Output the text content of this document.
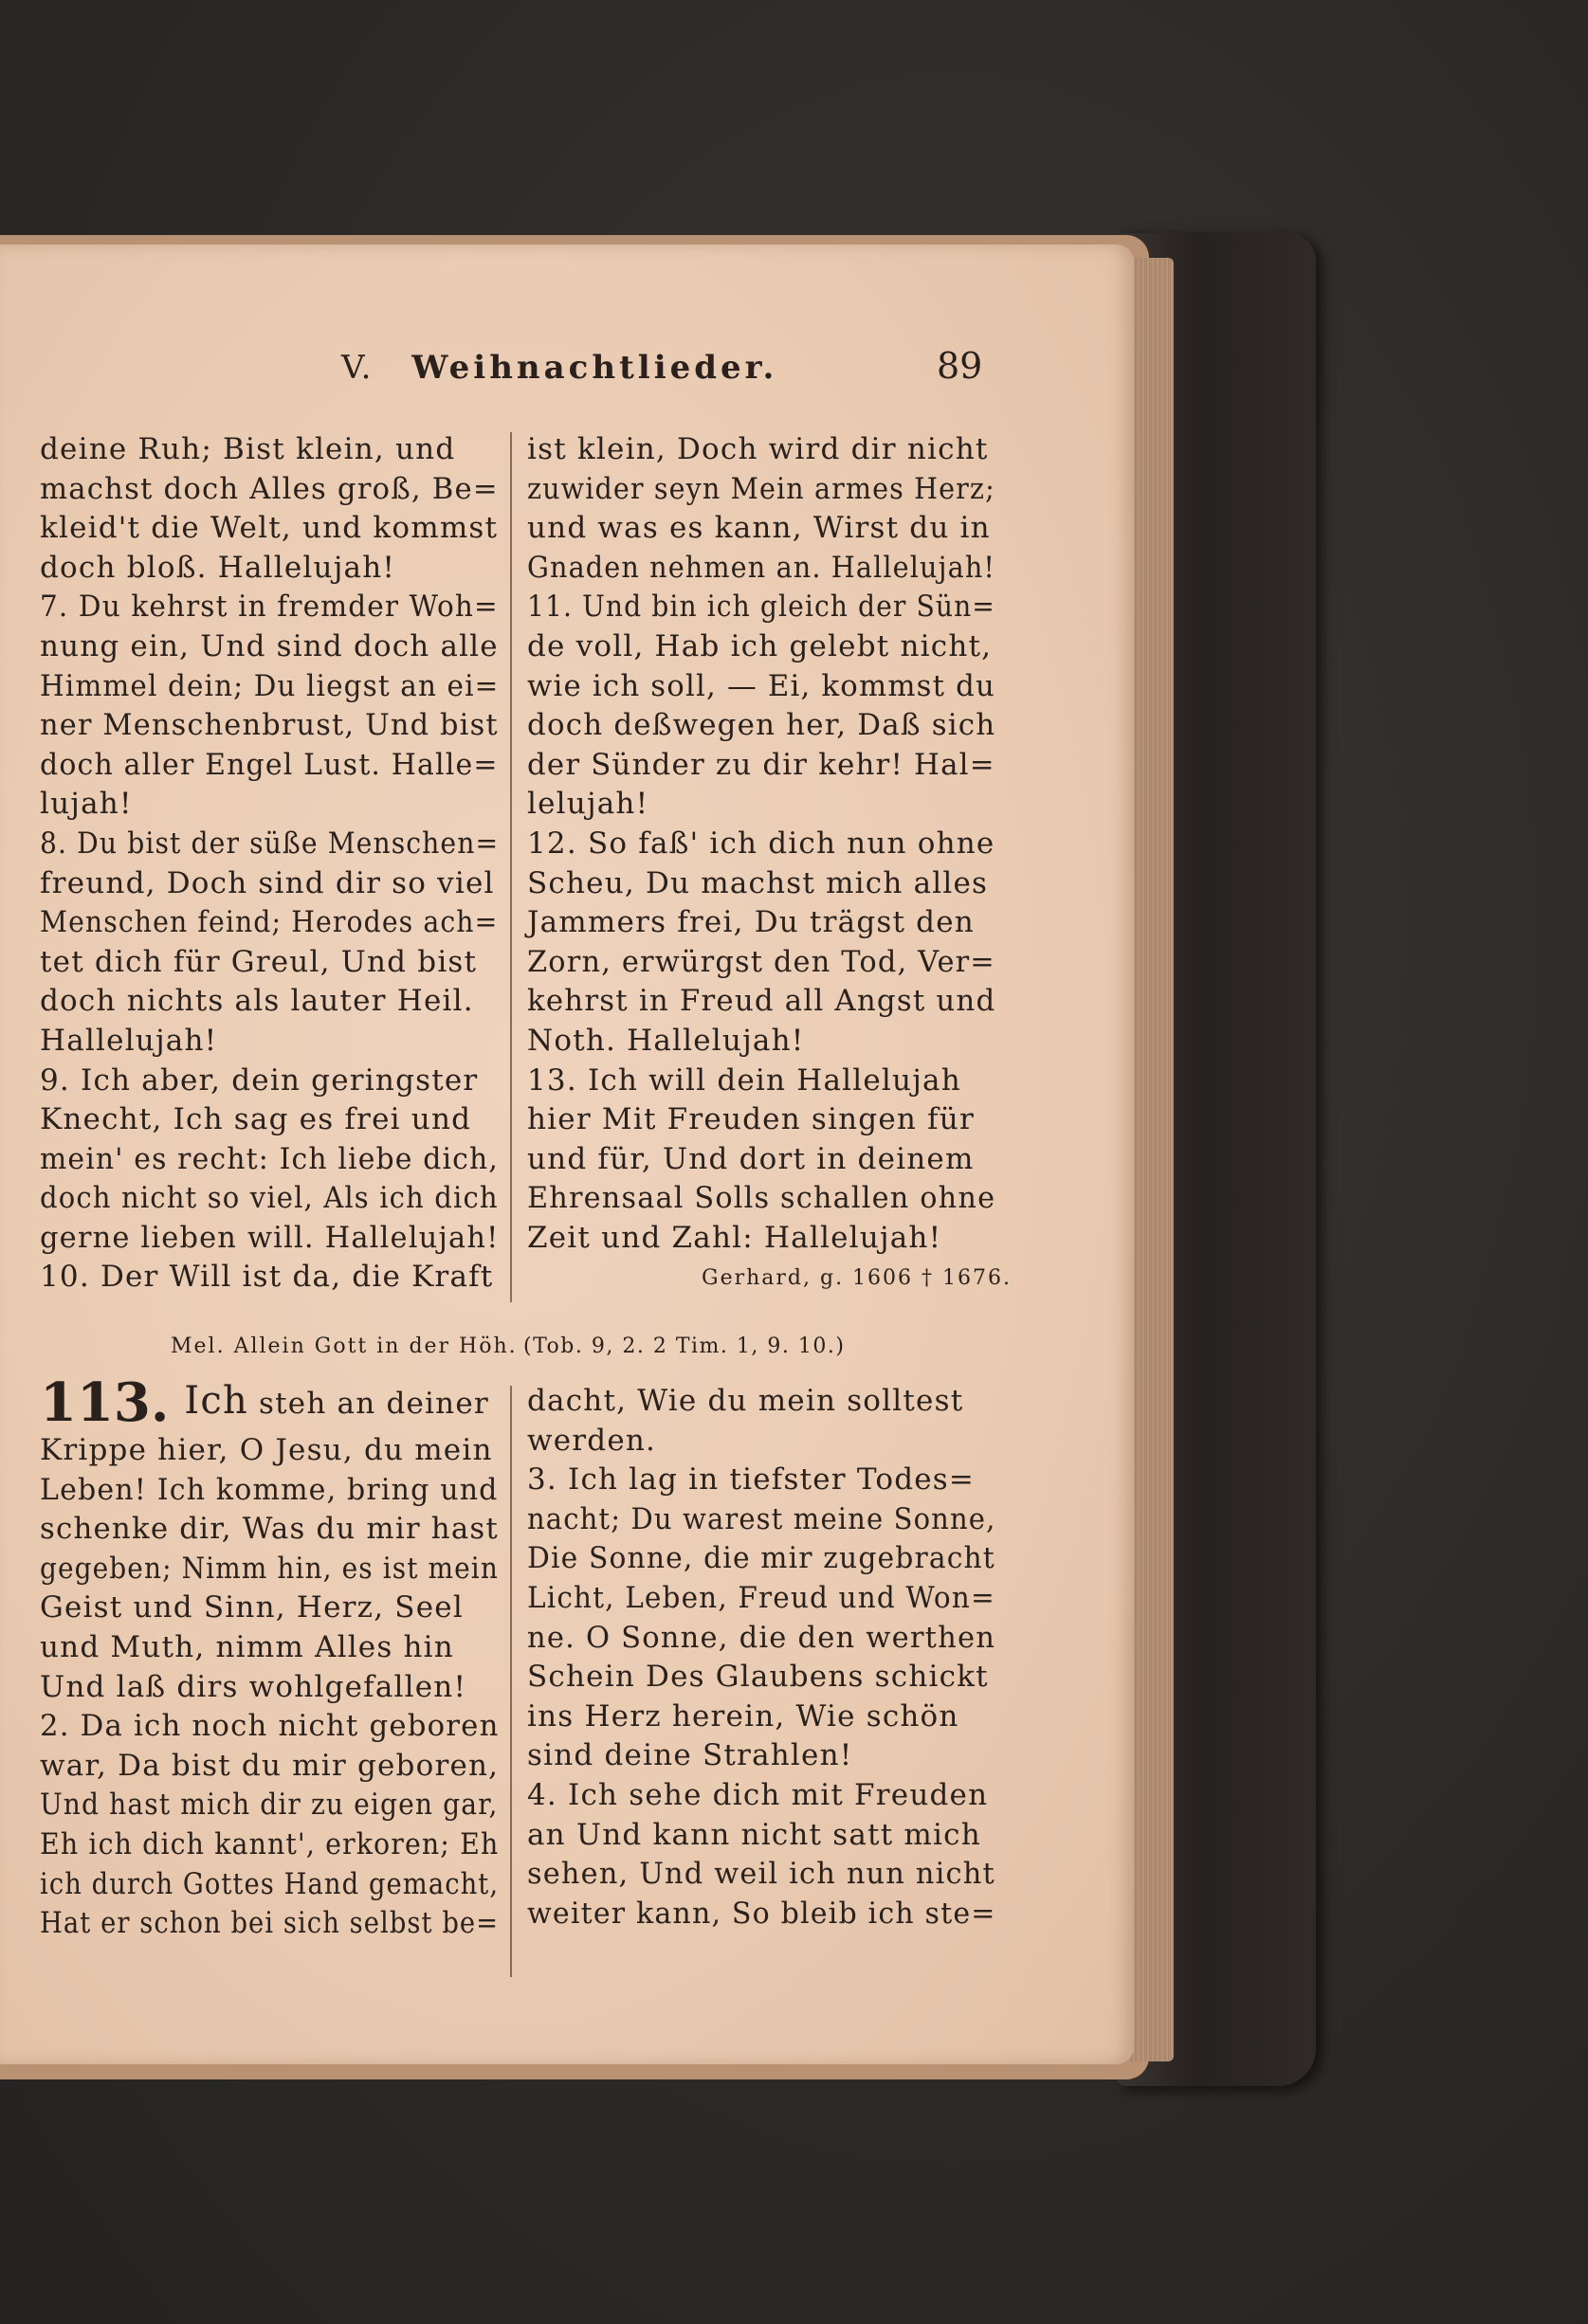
V. Weihnachtlieder.	89
deine Ruh; Bist klein, und
machst doch Alles groß, Be=
kleid't die Welt, und kommst
doch bloß. Hallelujah!
7. Du kehrst in fremder Woh=
nung ein, Und sind doch alle
Himmel dein; Du liegst an ei=
ner Menschenbrust, Und bist
doch aller Engel Lust. Halle=
lujah!
8. Du bist der süße Menschen=
freund, Doch sind dir so viel
Menschen feind; Herodes ach=
tet dich für Greul, Und bist
doch nichts als lauter Heil.
Hallelujah!
9. Ich aber, dein geringster
Knecht, Ich sag es frei und
mein' es recht: Ich liebe dich,
doch nicht so viel, Als ich dich
gerne lieben will. Hallelujah!
10. Der Will ist da, die Kraft
ist klein, Doch wird dir nicht
zuwider seyn Mein armes Herz;
und was es kann, Wirst du in
Gnaden nehmen an. Hallelujah!
11. Und bin ich gleich der Sün=
de voll, Hab ich gelebt nicht,
wie ich soll, — Ei, kommst du
doch deßwegen her, Daß sich
der Sünder zu dir kehr! Hal=
lelujah!
12. So faß' ich dich nun ohne
Scheu, Du machst mich alles
Jammers frei, Du trägst den
Zorn, erwürgst den Tod, Ver=
kehrst in Freud all Angst und
Noth. Hallelujah!
13. Ich will dein Hallelujah
hier Mit Freuden singen für
und für, Und dort in deinem
Ehrensaal Solls schallen ohne
Zeit und Zahl: Hallelujah!
Gerhard, g. 1606 † 1676.
Mel. Allein Gott in der Höh. (Tob. 9, 2. 2 Tim. 1, 9. 10.)
113. Ich steh an deiner
Krippe hier, O Jesu, du mein
Leben! Ich komme, bring und
schenke dir, Was du mir hast
gegeben; Nimm hin, es ist mein
Geist und Sinn, Herz, Seel
und Muth, nimm Alles hin
Und laß dirs wohlgefallen!
2. Da ich noch nicht geboren
war, Da bist du mir geboren,
Und hast mich dir zu eigen gar,
Eh ich dich kannt', erkoren; Eh
ich durch Gottes Hand gemacht,
Hat er schon bei sich selbst be=
dacht, Wie du mein solltest
werden.
3. Ich lag in tiefster Todes=
nacht; Du warest meine Sonne,
Die Sonne, die mir zugebracht
Licht, Leben, Freud und Won=
ne. O Sonne, die den werthen
Schein Des Glaubens schickt
ins Herz herein, Wie schön
sind deine Strahlen!
4. Ich sehe dich mit Freuden
an Und kann nicht satt mich
sehen, Und weil ich nun nicht
weiter kann, So bleib ich ste=
